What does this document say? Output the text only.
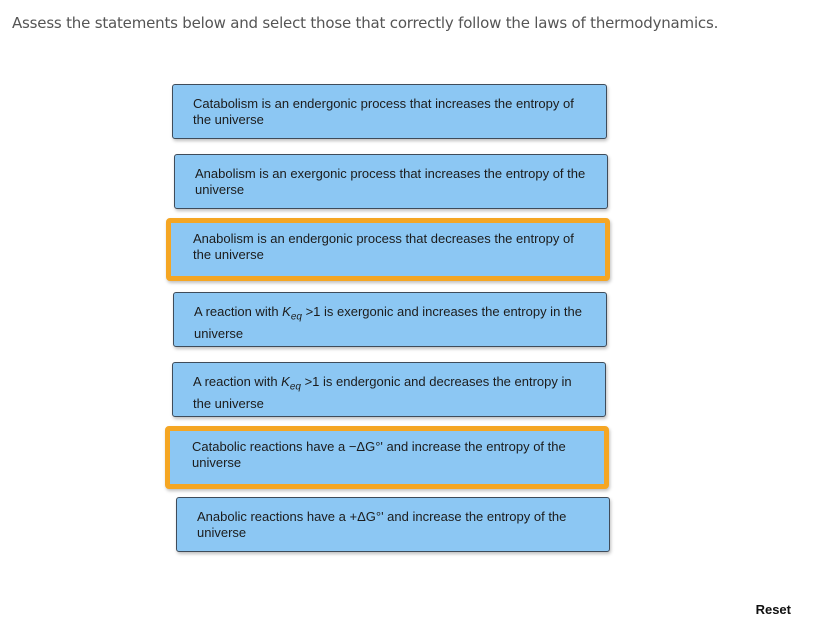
Assess the statements below and select those that correctly follow the laws of thermodynamics.
Catabolism is an endergonic process that increases the entropy of the universe
Anabolism is an exergonic process that increases the entropy of the universe
Anabolism is an endergonic process that decreases the entropy of the universe
A reaction with $K_{eq} >1$ is exergonic and increases the entropy in the universe
A reaction with $K_{eq} >1$ is endergonic and decreases the entropy in the universe
Catabolic reactions have a −ΔG°' and increase the entropy of the universe
Anabolic reactions have a +ΔG°' and increase the entropy of the universe
Reset
